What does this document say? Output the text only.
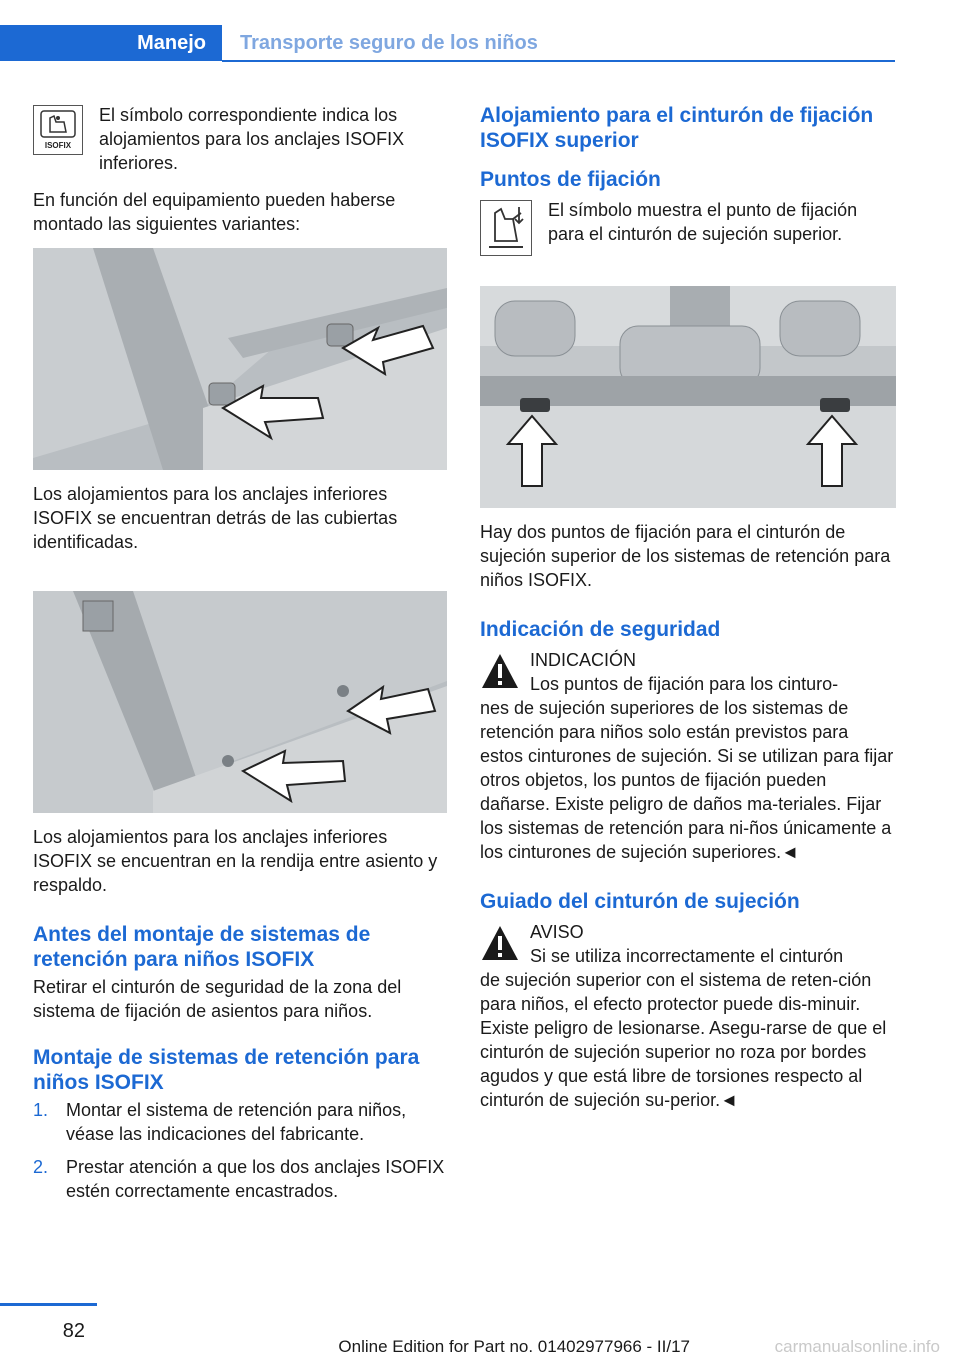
Manejo	Transporte seguro de los niños
ISOFIX

El símbolo correspondiente indica los alojamientos para los anclajes ISOFIX inferiores.

En función del equipamiento pueden haberse montado las siguientes variantes:

Los alojamientos para los anclajes inferiores ISOFIX se encuentran detrás de las cubiertas identificadas.

Los alojamientos para los anclajes inferiores ISOFIX se encuentran en la rendija entre asiento y respaldo.

Antes del montaje de sistemas de retención para niños ISOFIX

Retirar el cinturón de seguridad de la zona del sistema de fijación de asientos para niños.

Montaje de sistemas de retención para niños ISOFIX
1. Montar el sistema de retención para niños, véase las indicaciones del fabricante.
2. Prestar atención a que los dos anclajes ISOFIX estén correctamente encastrados.
Alojamiento para el cinturón de fijación ISOFIX superior
Puntos de fijación

El símbolo muestra el punto de fijación para el cinturón de sujeción superior.

Hay dos puntos de fijación para el cinturón de sujeción superior de los sistemas de retención para niños ISOFIX.

Indicación de seguridad

INDICACIÓN

Los puntos de fijación para los cinturo-

nes de sujeción superiores de los sistemas de retención para niños solo están previstos para estos cinturones de sujeción. Si se utilizan para fijar otros objetos, los puntos de fijación pueden dañarse. Existe peligro de daños ma-teriales. Fijar los sistemas de retención para ni-ños únicamente a los cinturones de sujeción superiores.◄

Guiado del cinturón de sujeción

AVISO

Si se utiliza incorrectamente el cinturón

de sujeción superior con el sistema de reten-ción para niños, el efecto protector puede dis-minuir. Existe peligro de lesionarse. Asegu-rarse de que el cinturón de sujeción superior no roza por bordes agudos y que está libre de torsiones respecto al cinturón de sujeción su-perior.◄

82
Online Edition for Part no. 01402977966 - II/17	carmanualsonline.info
